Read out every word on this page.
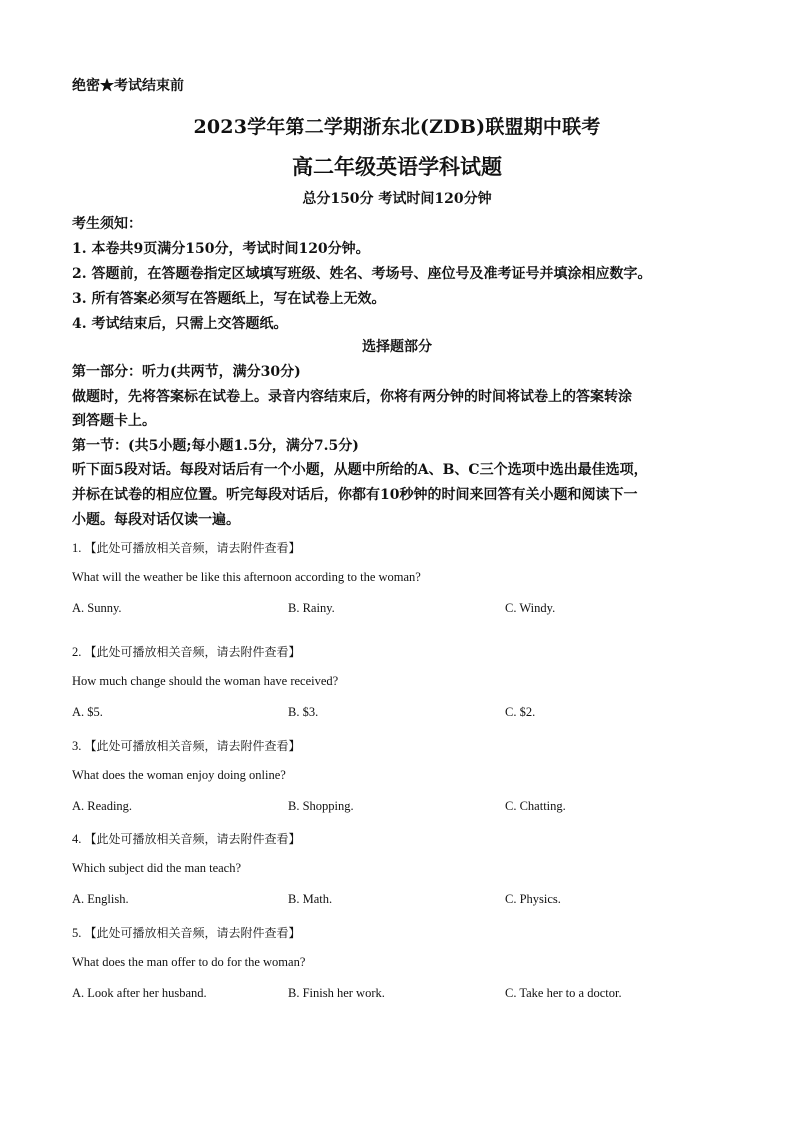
绝密★考试结束前
2023学年第二学期浙东北(ZDB)联盟期中联考
高二年级英语学科试题
总分150分 考试时间120分钟
考生须知：
1. 本卷共9页满分150分，考试时间120分钟。
2. 答题前，在答题卷指定区域填写班级、姓名、考场号、座位号及准考证号并填涂相应数字。
3. 所有答案必须写在答题纸上，写在试卷上无效。
4. 考试结束后，只需上交答题纸。
选择题部分
第一部分：听力(共两节，满分30分)
做题时，先将答案标在试卷上。录音内容结束后，你将有两分钟的时间将试卷上的答案转涂
到答题卡上。
第一节：(共5小题;每小题1.5分，满分7.5分)
听下面5段对话。每段对话后有一个小题，从题中所给的A、B、C三个选项中选出最佳选项，
并标在试卷的相应位置。听完每段对话后，你都有10秒钟的时间来回答有关小题和阅读下一
小题。每段对话仅读一遍。
1. 【此处可播放相关音频，请去附件查看】
What will the weather be like this afternoon according to the woman?
A. Sunny.	B. Rainy.	C. Windy.
2. 【此处可播放相关音频，请去附件查看】
How much change should the woman have received?
A. $5.	B. $3.	C. $2.
3. 【此处可播放相关音频，请去附件查看】
What does the woman enjoy doing online?
A. Reading.	B. Shopping.	C. Chatting.
4. 【此处可播放相关音频，请去附件查看】
Which subject did the man teach?
A. English.	B. Math.	C. Physics.
5. 【此处可播放相关音频，请去附件查看】
What does the man offer to do for the woman?
A. Look after her husband.	B. Finish her work.	C. Take her to a doctor.
